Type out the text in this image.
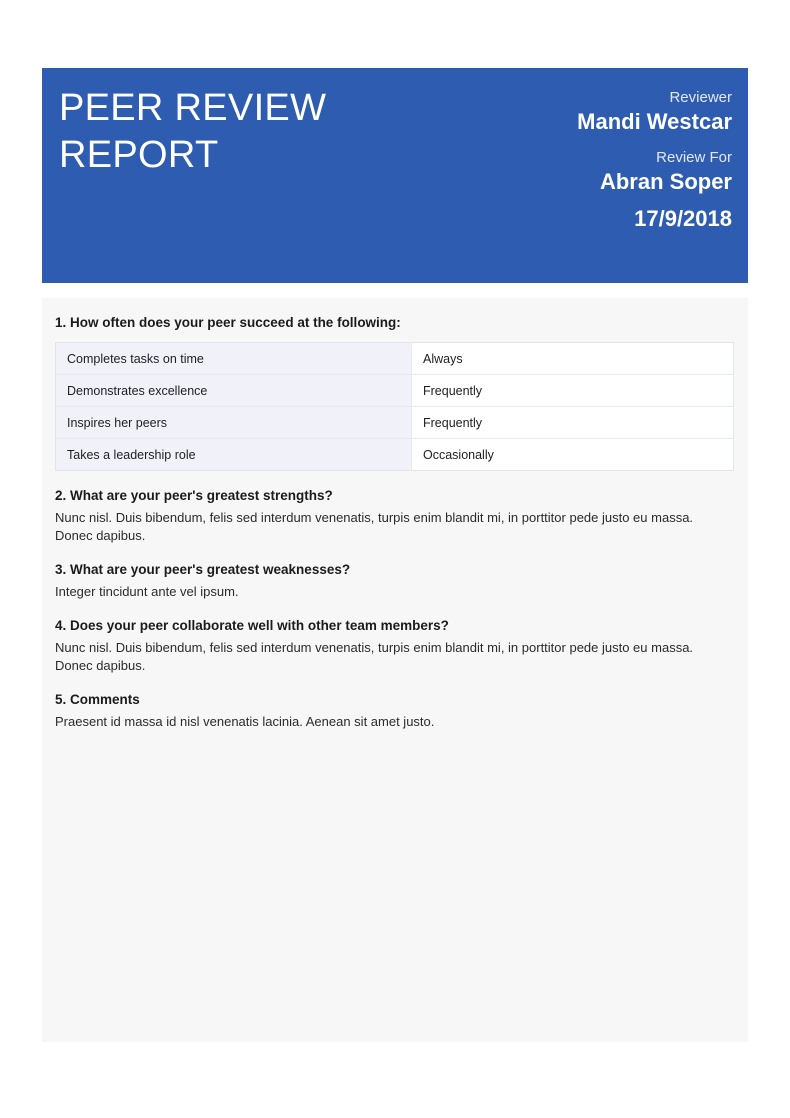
PEER REVIEW
REPORT

Reviewer

Mandi Westcar

Review For

Abran Soper

17/9/2018

1. How often does your peer succeed at the following:

Completes tasks on time	Always
Demonstrates excellence	Frequently
Inspires her peers	Frequently
Takes a leadership role	Occasionally

2. What are your peer's greatest strengths?

Nunc nisl. Duis bibendum, felis sed interdum venenatis, turpis enim blandit mi, in porttitor pede justo eu massa. Donec dapibus.

3. What are your peer's greatest weaknesses?

Integer tincidunt ante vel ipsum.

4. Does your peer collaborate well with other team members?

Nunc nisl. Duis bibendum, felis sed interdum venenatis, turpis enim blandit mi, in porttitor pede justo eu massa. Donec dapibus.

5. Comments

Praesent id massa id nisl venenatis lacinia. Aenean sit amet justo.
